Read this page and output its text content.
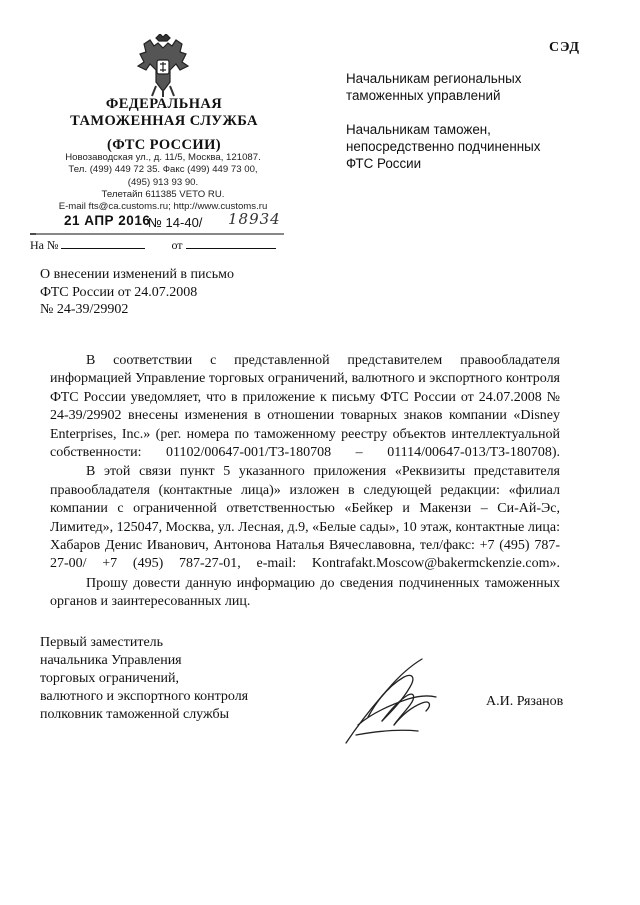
СЭД
ФЕДЕРАЛЬНАЯ
ТАМОЖЕННАЯ СЛУЖБА
(ФТС РОССИИ)
Новозаводская ул., д. 11/5, Москва, 121087.
Тел. (499) 449 72 35. Факс (499) 449 73 00,
(495) 913 93 90.
Телетайп 611385 VETO RU.
E-mail fts@ca.customs.ru; http://www.customs.ru
21 АПР 2016
№ 14-40/ 18934
На №	от
Начальникам региональных
таможенных управлений
Начальникам таможен,
непосредственно подчиненных
ФТС России
О внесении изменений в письмо
ФТС России от 24.07.2008
№ 24-39/29902

В соответствии с представленной представителем правообладателя информацией Управление торговых ограничений, валютного и экспортного контроля ФТС России уведомляет, что в приложение к письму ФТС России от 24.07.2008 № 24-39/29902 внесены изменения в отношении товарных знаков компании «Disney Enterprises, Inc.» (рег. номера по таможенному реестру объектов интеллектуальной собственности: 01102/00647-001/ТЗ-180708 – 01114/00647-013/ТЗ-180708).

В этой связи пункт 5 указанного приложения «Реквизиты представителя правообладателя (контактные лица)» изложен в следующей редакции: «филиал компании с ограниченной ответственностью «Бейкер и Макензи – Си-Ай-Эс, Лимитед», 125047, Москва, ул. Лесная, д.9, «Белые сады», 10 этаж, контактные лица: Хабаров Денис Иванович, Антонова Наталья Вячеславовна, тел/факс: +7 (495) 787-27-00/ +7 (495) 787-27-01, e-mail: Kontrafakt.Moscow@bakermckenzie.com».

Прошу довести данную информацию до сведения подчиненных таможенных органов и заинтересованных лиц.

Первый заместитель
начальника Управления
торговых ограничений,
валютного и экспортного контроля
полковник таможенной службы
А.И. Рязанов
